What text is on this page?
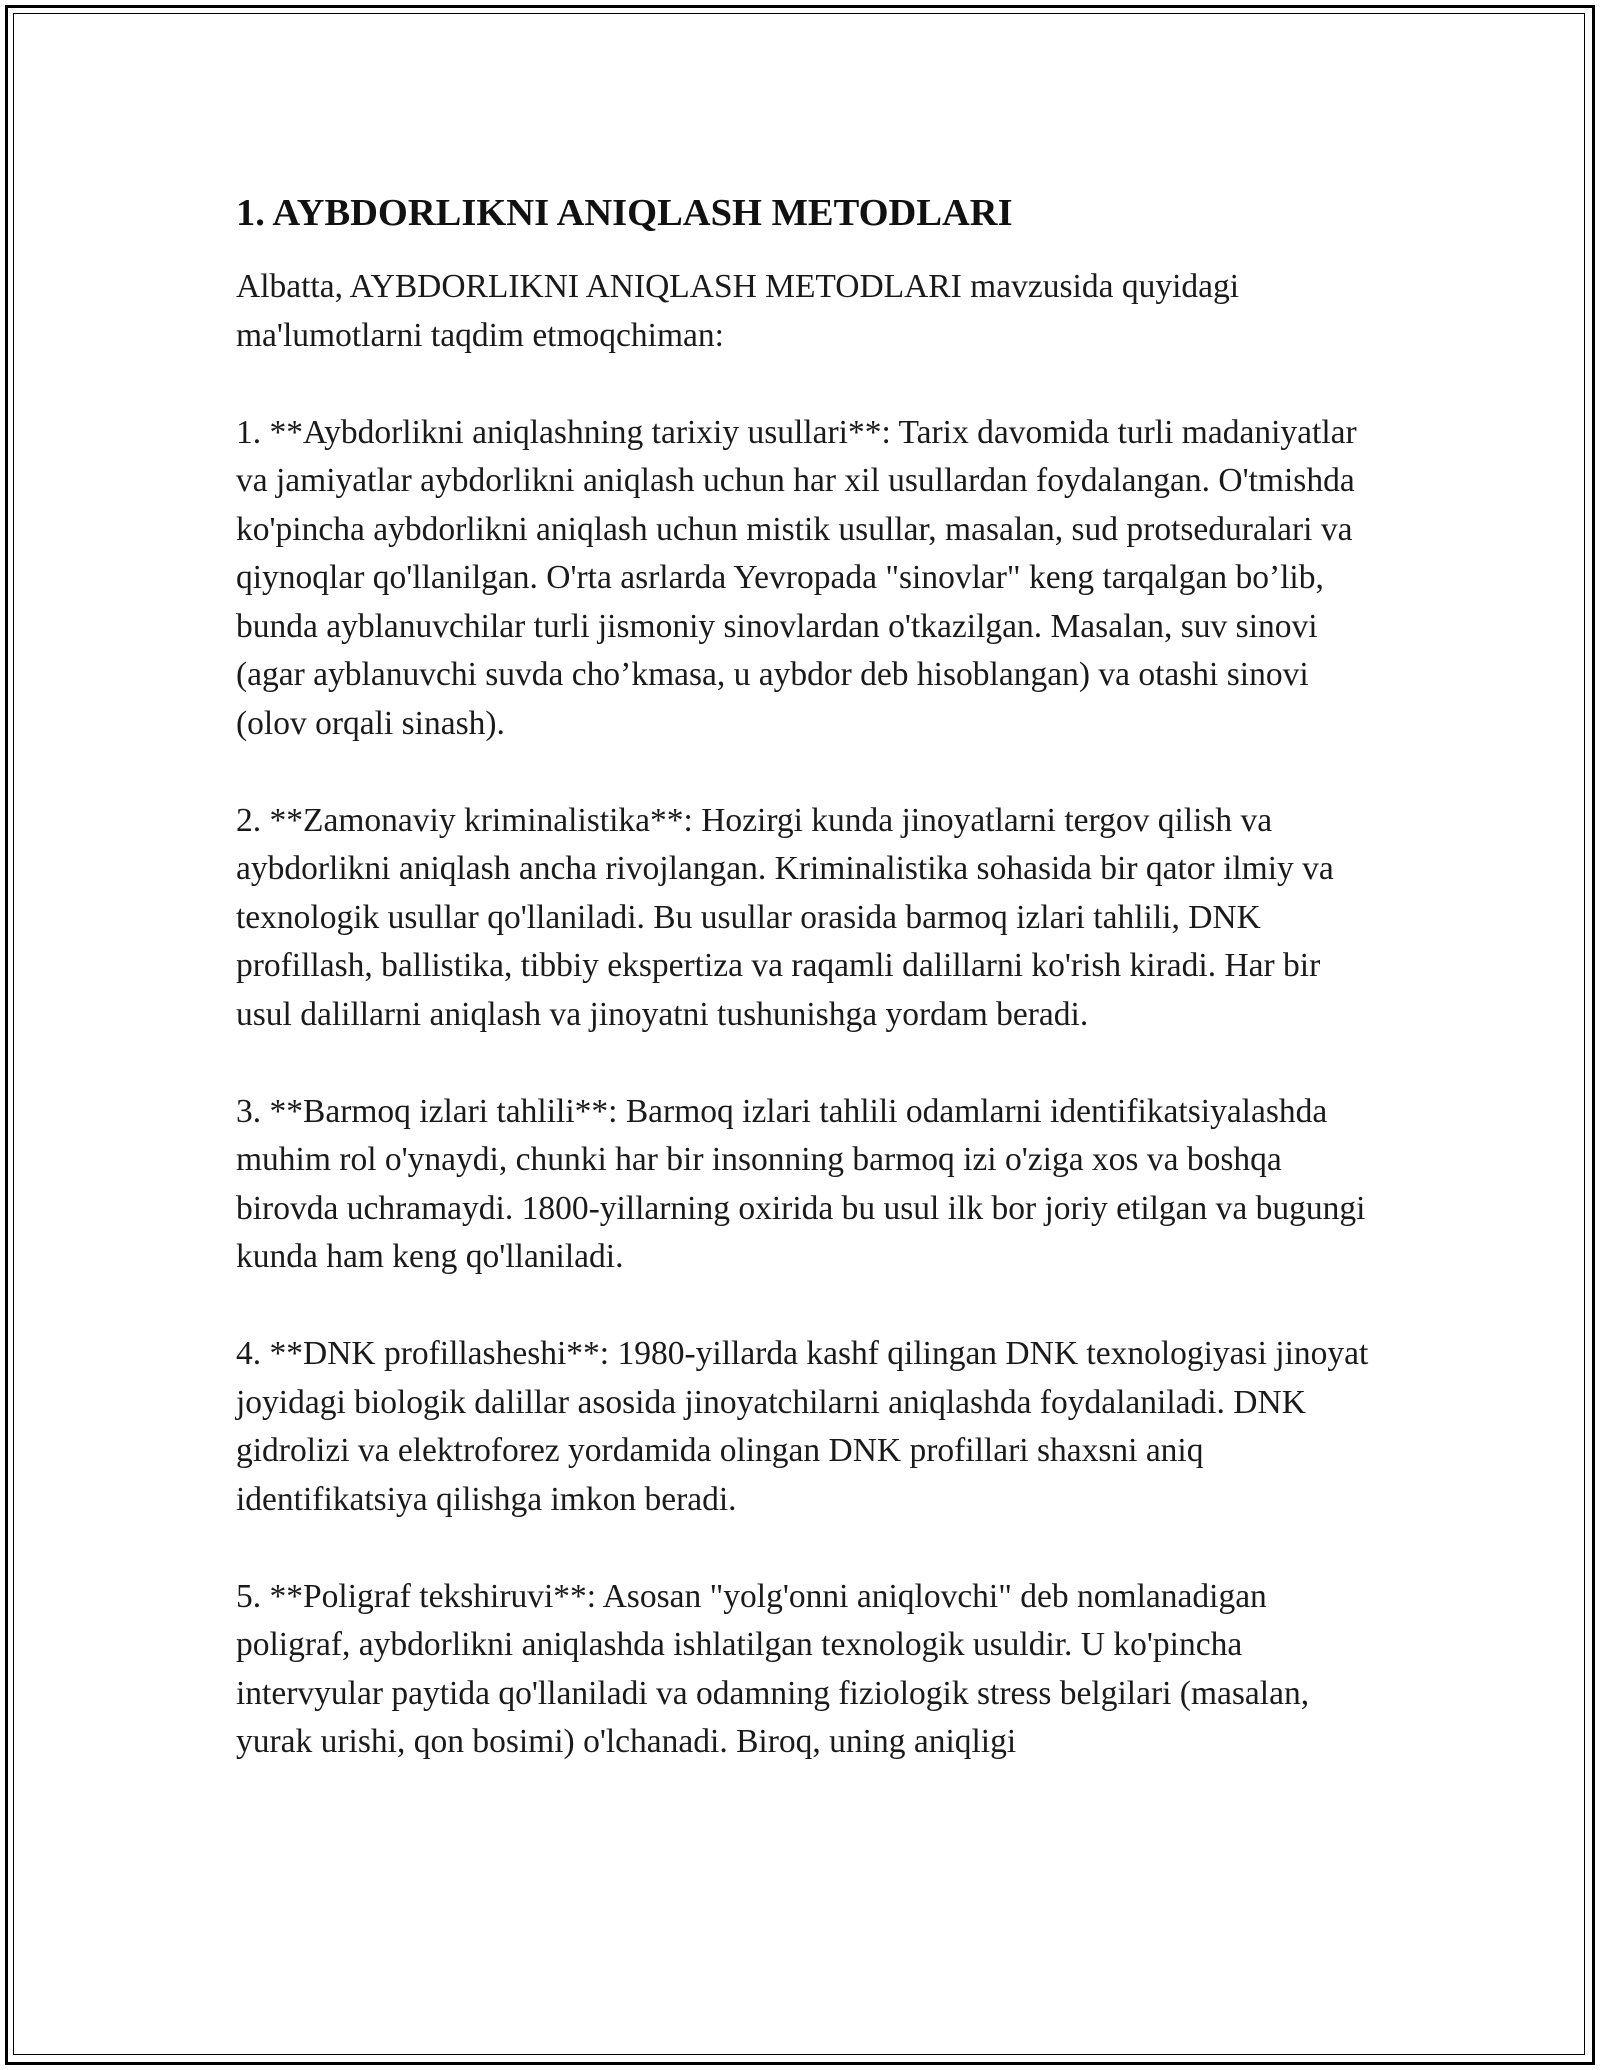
1. AYBDORLIKNI ANIQLASH METODLARI

Albatta, AYBDORLIKNI ANIQLASH METODLARI mavzusida quyidagi ma'lumotlarni taqdim etmoqchiman:

1. **Aybdorlikni aniqlashning tarixiy usullari**: Tarix davomida turli madaniyatlar va jamiyatlar aybdorlikni aniqlash uchun har xil usullardan foydalangan. O'tmishda ko'pincha aybdorlikni aniqlash uchun mistik usullar, masalan, sud protseduralari va qiynoqlar qo'llanilgan. O'rta asrlarda Yevropada "sinovlar" keng tarqalgan bo’lib, bunda ayblanuvchilar turli jismoniy sinovlardan o'tkazilgan. Masalan, suv sinovi (agar ayblanuvchi suvda cho’kmasa, u aybdor deb hisoblangan) va otashi sinovi (olov orqali sinash).

2. **Zamonaviy kriminalistika**: Hozirgi kunda jinoyatlarni tergov qilish va aybdorlikni aniqlash ancha rivojlangan. Kriminalistika sohasida bir qator ilmiy va texnologik usullar qo'llaniladi. Bu usullar orasida barmoq izlari tahlili, DNK profillash, ballistika, tibbiy ekspertiza va raqamli dalillarni ko'rish kiradi. Har bir usul dalillarni aniqlash va jinoyatni tushunishga yordam beradi.

3. **Barmoq izlari tahlili**: Barmoq izlari tahlili odamlarni identifikatsiyalashda muhim rol o'ynaydi, chunki har bir insonning barmoq izi o'ziga xos va boshqa birovda uchramaydi. 1800-yillarning oxirida bu usul ilk bor joriy etilgan va bugungi kunda ham keng qo'llaniladi.

4. **DNK profillasheshi**: 1980-yillarda kashf qilingan DNK texnologiyasi jinoyat joyidagi biologik dalillar asosida jinoyatchilarni aniqlashda foydalaniladi. DNK gidrolizi va elektroforez yordamida olingan DNK profillari shaxsni aniq identifikatsiya qilishga imkon beradi.

5. **Poligraf tekshiruvi**: Asosan "yolg'onni aniqlovchi" deb nomlanadigan poligraf, aybdorlikni aniqlashda ishlatilgan texnologik usuldir. U ko'pincha intervyular paytida qo'llaniladi va odamning fiziologik stress belgilari (masalan, yurak urishi, qon bosimi) o'lchanadi. Biroq, uning aniqligi
